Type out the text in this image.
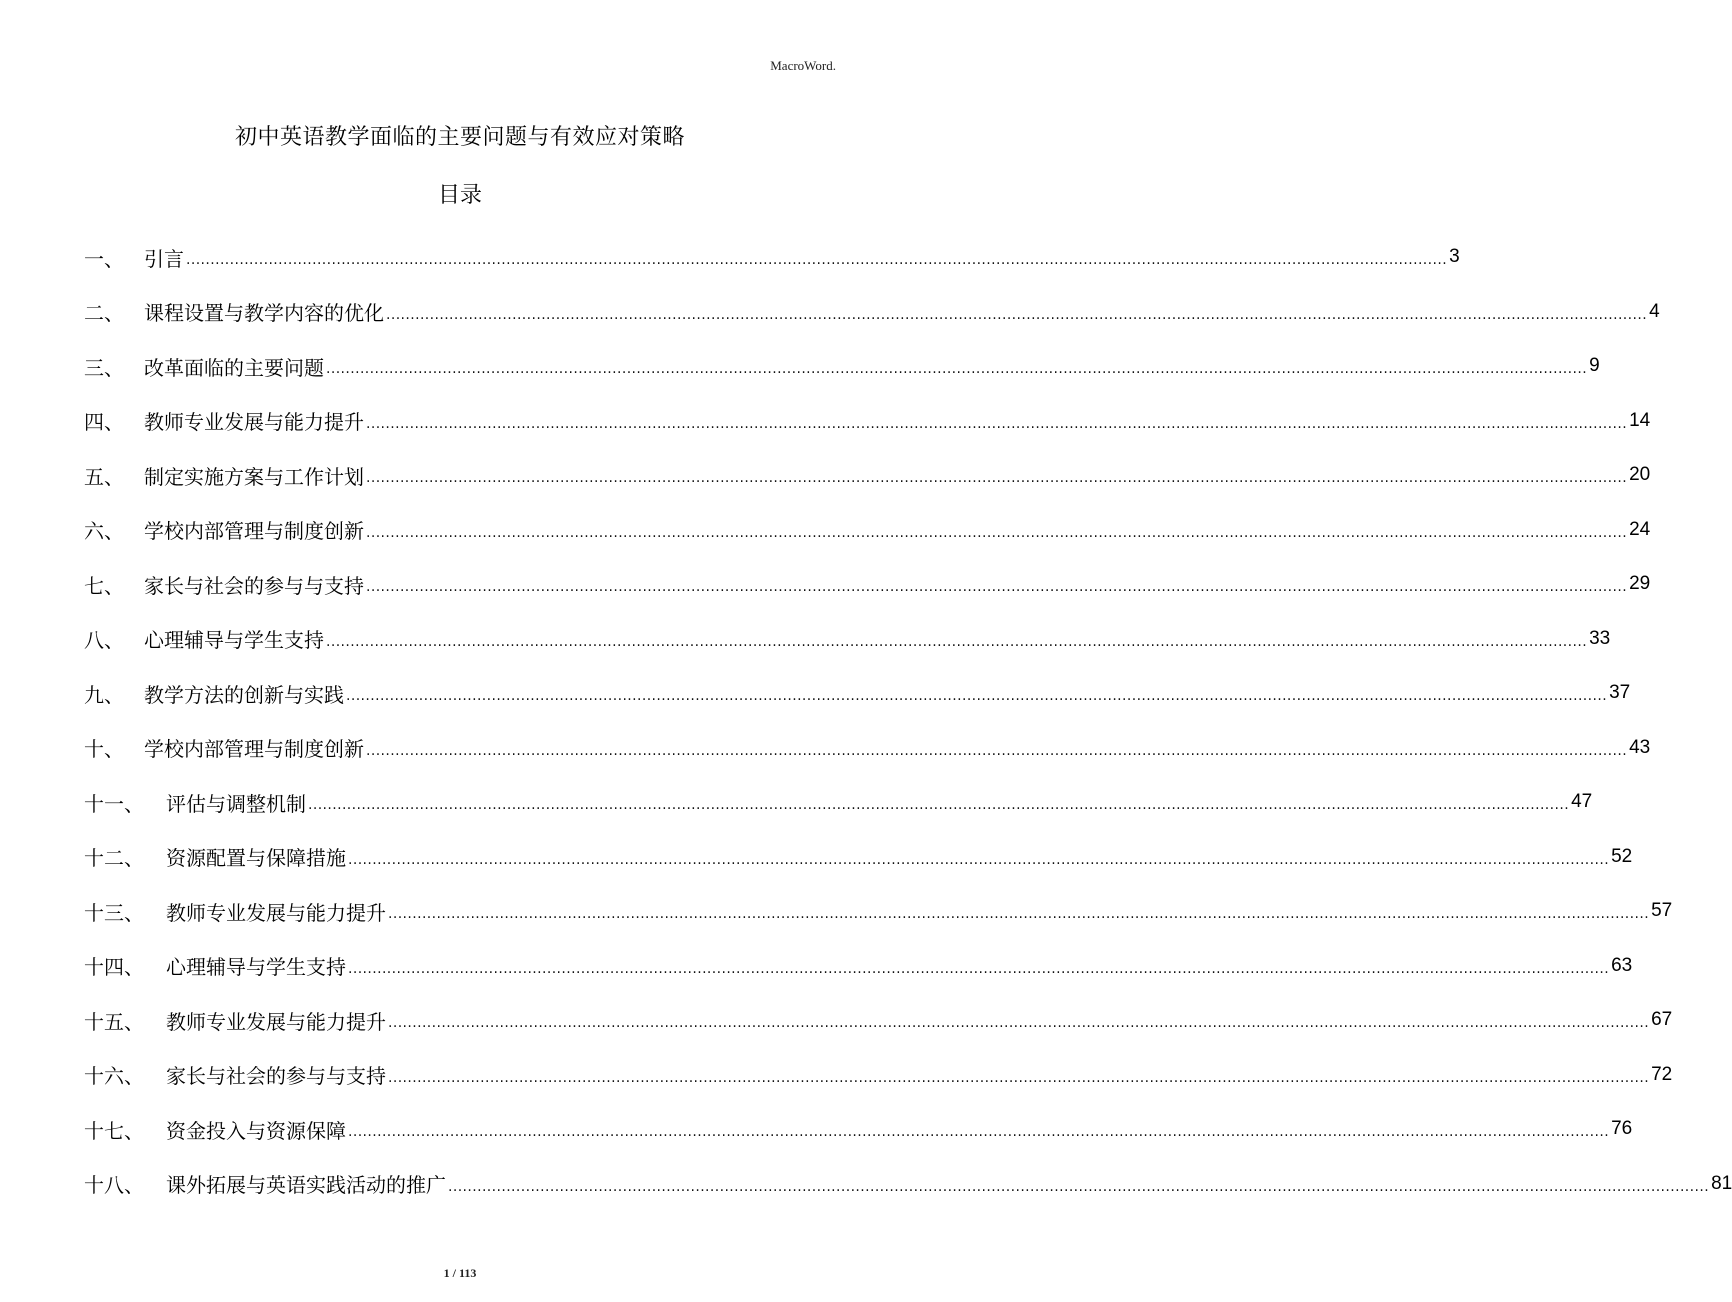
MacroWord.
初中英语教学面临的主要问题与有效应对策略
目录
一、	引言 .................................................................................................................................................................................................................................................................... 3
二、	课程设置与教学内容的优化 .................................................................................................................................................................................................................................................................... 4
三、	改革面临的主要问题 .................................................................................................................................................................................................................................................................... 9
四、	教师专业发展与能力提升 .................................................................................................................................................................................................................................................................... 14
五、	制定实施方案与工作计划 .................................................................................................................................................................................................................................................................... 20
六、	学校内部管理与制度创新 .................................................................................................................................................................................................................................................................... 24
七、	家长与社会的参与与支持 .................................................................................................................................................................................................................................................................... 29
八、	心理辅导与学生支持 .................................................................................................................................................................................................................................................................... 33
九、	教学方法的创新与实践 .................................................................................................................................................................................................................................................................... 37
十、	学校内部管理与制度创新 .................................................................................................................................................................................................................................................................... 43
十一、	评估与调整机制 .................................................................................................................................................................................................................................................................... 47
十二、	资源配置与保障措施 .................................................................................................................................................................................................................................................................... 52
十三、	教师专业发展与能力提升 .................................................................................................................................................................................................................................................................... 57
十四、	心理辅导与学生支持 .................................................................................................................................................................................................................................................................... 63
十五、	教师专业发展与能力提升 .................................................................................................................................................................................................................................................................... 67
十六、	家长与社会的参与与支持 .................................................................................................................................................................................................................................................................... 72
十七、	资金投入与资源保障 .................................................................................................................................................................................................................................................................... 76
十八、	课外拓展与英语实践活动的推广 .................................................................................................................................................................................................................................................................... 81
1 / 113
